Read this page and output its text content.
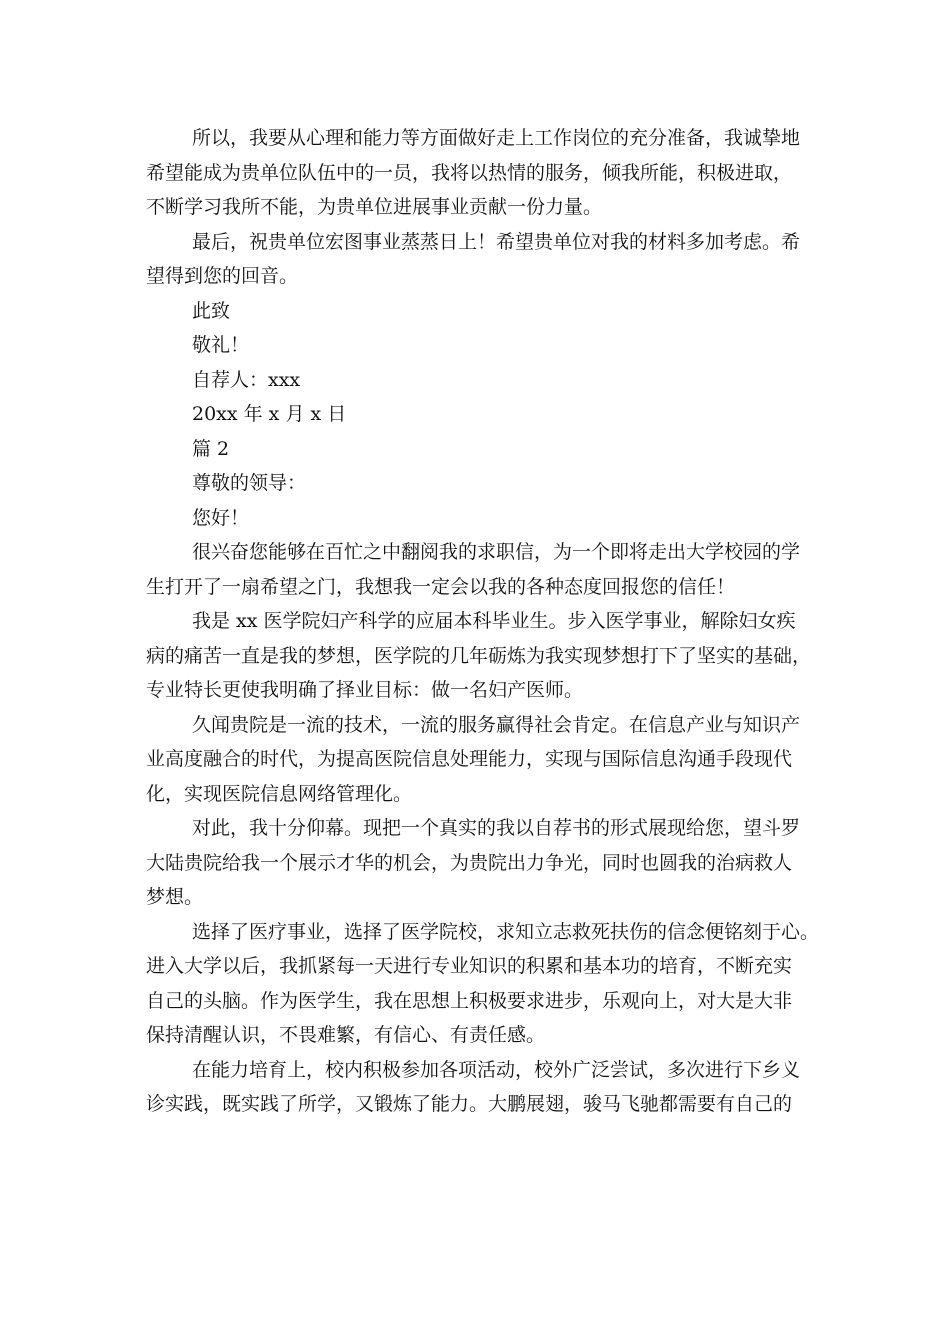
所以，我要从心理和能力等方面做好走上工作岗位的充分准备，我诚挚地
希望能成为贵单位队伍中的一员，我将以热情的服务，倾我所能，积极进取，
不断学习我所不能，为贵单位进展事业贡献一份力量。
最后，祝贵单位宏图事业蒸蒸日上！希望贵单位对我的材料多加考虑。希
望得到您的回音。
此致
敬礼！
自荐人：xxx
20xx 年 x 月 x 日
篇 2
尊敬的领导：
您好！
很兴奋您能够在百忙之中翻阅我的求职信，为一个即将走出大学校园的学
生打开了一扇希望之门，我想我一定会以我的各种态度回报您的信任！
我是 xx 医学院妇产科学的应届本科毕业生。步入医学事业，解除妇女疾
病的痛苦一直是我的梦想，医学院的几年砺炼为我实现梦想打下了坚实的基础，
专业特长更使我明确了择业目标：做一名妇产医师。
久闻贵院是一流的技术，一流的服务赢得社会肯定。在信息产业与知识产
业高度融合的时代，为提高医院信息处理能力，实现与国际信息沟通手段现代
化，实现医院信息网络管理化。
对此，我十分仰幕。现把一个真实的我以自荐书的形式展现给您，望斗罗
大陆贵院给我一个展示才华的机会，为贵院出力争光，同时也圆我的治病救人
梦想。
选择了医疗事业，选择了医学院校，求知立志救死扶伤的信念便铭刻于心。
进入大学以后，我抓紧每一天进行专业知识的积累和基本功的培育，不断充实
自己的头脑。作为医学生，我在思想上积极要求进步，乐观向上，对大是大非
保持清醒认识，不畏难繁，有信心、有责任感。
在能力培育上，校内积极参加各项活动，校外广泛尝试，多次进行下乡义
诊实践，既实践了所学，又锻炼了能力。大鹏展翅，骏马飞驰都需要有自己的
